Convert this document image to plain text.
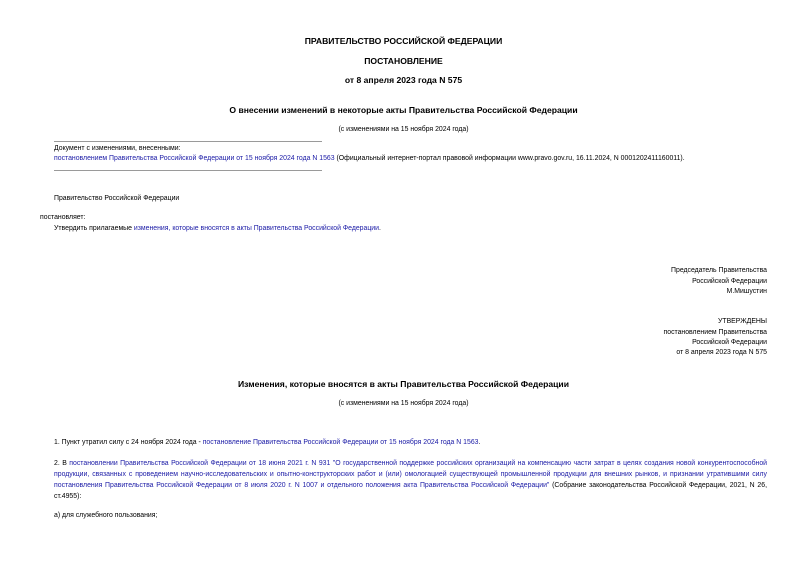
ПРАВИТЕЛЬСТВО РОССИЙСКОЙ ФЕДЕРАЦИИ
ПОСТАНОВЛЕНИЕ
от 8 апреля 2023 года N 575
О внесении изменений в некоторые акты Правительства Российской Федерации
(с изменениями на 15 ноября 2024 года)
Документ с изменениями, внесенными:
постановлением Правительства Российской Федерации от 15 ноября 2024 года N 1563 (Официальный интернет-портал правовой информации www.pravo.gov.ru, 16.11.2024, N 0001202411160011).
Правительство Российской Федерации
постановляет:
Утвердить прилагаемые изменения, которые вносятся в акты Правительства Российской Федерации.
Председатель Правительства
Российской Федерации
М.Мишустин
УТВЕРЖДЕНЫ
постановлением Правительства
Российской Федерации
от 8 апреля 2023 года N 575
Изменения, которые вносятся в акты Правительства Российской Федерации
(с изменениями на 15 ноября 2024 года)
1. Пункт утратил силу с 24 ноября 2024 года - постановление Правительства Российской Федерации от 15 ноября 2024 года N 1563.
2. В постановлении Правительства Российской Федерации от 18 июня 2021 г. N 931 "О государственной поддержке российских организаций на компенсацию части затрат в целях создания новой конкурентоспособной продукции, связанных с проведением научно-исследовательских и опытно-конструкторских работ и (или) омологацией существующей промышленной продукции для внешних рынков, и признании утратившими силу постановления Правительства Российской Федерации от 8 июля 2020 г. N 1007 и отдельного положения акта Правительства Российской Федерации" (Собрание законодательства Российской Федерации, 2021, N 26, ст.4955):
а) для служебного пользования;
